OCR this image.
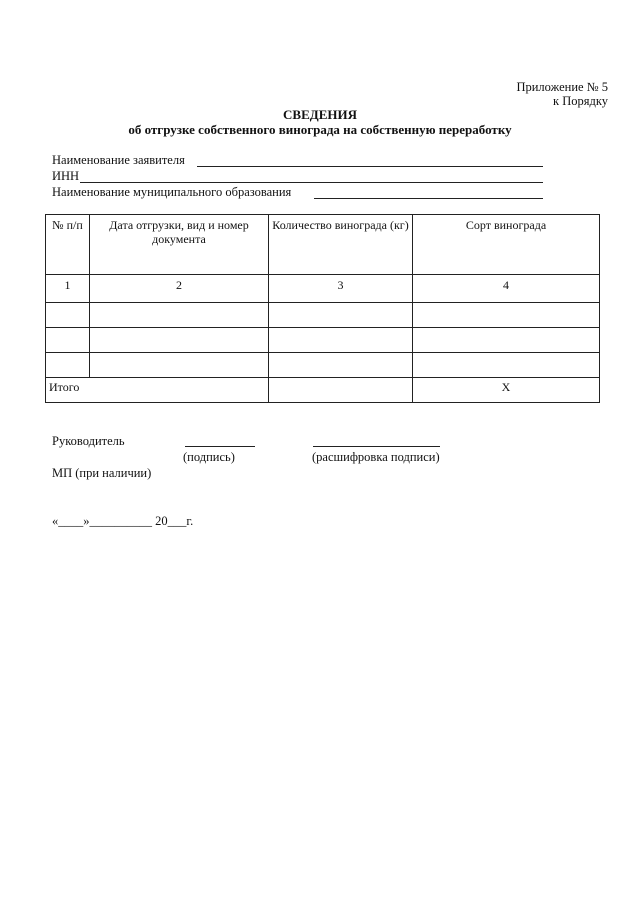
Приложение № 5
к Порядку
СВЕДЕНИЯ
об отгрузке собственного винограда на собственную переработку
Наименование заявителя
ИНН
Наименование муниципального образования
№ п/п	Дата отгрузки, вид и номер документа	Количество винограда (кг)	Сорт винограда
1	2	3	4

Итого			Х
Руководитель
(подпись)	(расшифровка подписи)
МП (при наличии)
«____»__________ 20___г.
